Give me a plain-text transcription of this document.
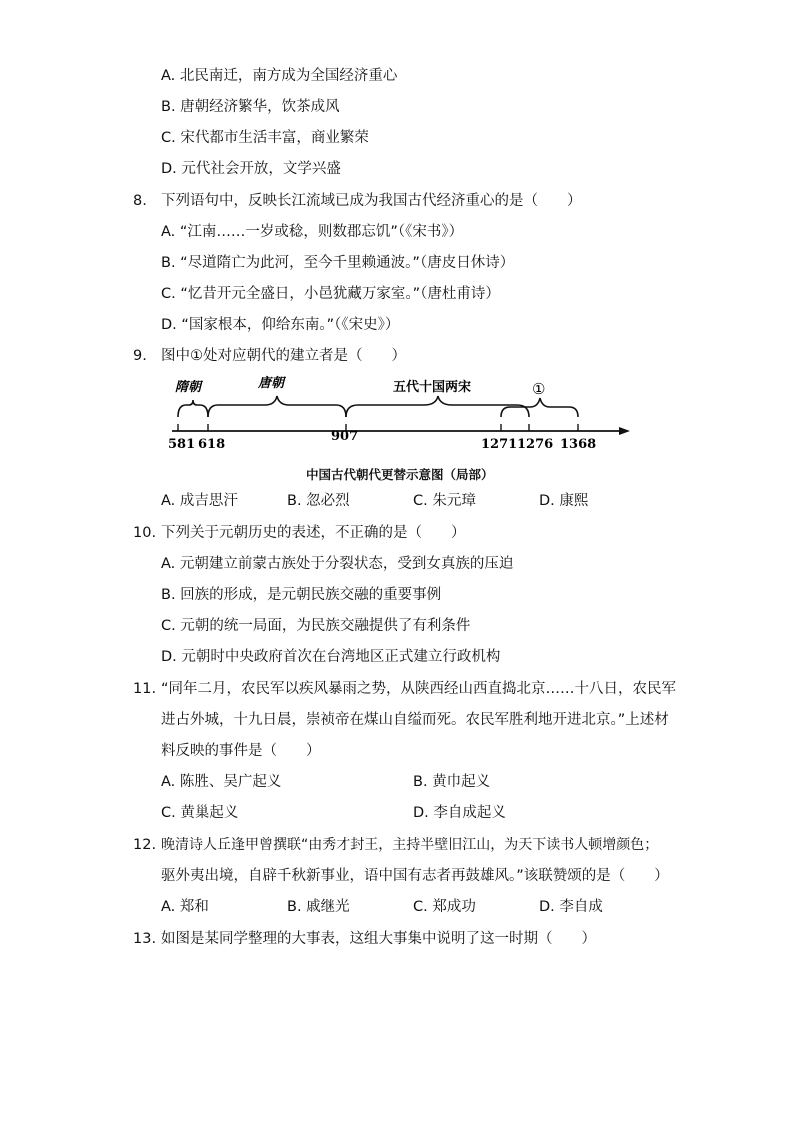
A. 北民南迁，南方成为全国经济重心
B. 唐朝经济繁华，饮茶成风
C. 宋代都市生活丰富，商业繁荣
D. 元代社会开放，文学兴盛
8. 下列语句中，反映长江流域已成为我国古代经济重心的是（　　）
A. “江南……一岁或稔，则数郡忘饥”（《宋书》）
B. “尽道隋亡为此河，至今千里赖通波。”（唐皮日休诗）
C. “忆昔开元全盛日，小邑犹藏万家室。”（唐杜甫诗）
D. “国家根本，仰给东南。”（《宋史》）
9. 图中①处对应朝代的建立者是（　　）
隋朝	唐朝	五代十国两宋	①
581 618
907
1271 1276 1368
中国古代朝代更替示意图（局部）
A. 成吉思汗	B. 忽必烈	C. 朱元璋	D. 康熙
10. 下列关于元朝历史的表述，不正确的是（　　）
A. 元朝建立前蒙古族处于分裂状态，受到女真族的压迫
B. 回族的形成，是元朝民族交融的重要事例
C. 元朝的统一局面，为民族交融提供了有利条件
D. 元朝时中央政府首次在台湾地区正式建立行政机构
11. “同年二月，农民军以疾风暴雨之势，从陕西经山西直捣北京……十八日，农民军
进占外城，十九日晨，崇祯帝在煤山自缢而死。农民军胜利地开进北京。”上述材
料反映的事件是（　　）
A. 陈胜、吴广起义	B. 黄巾起义
C. 黄巢起义	D. 李自成起义
12. 晚清诗人丘逢甲曾撰联“由秀才封王，主持半壁旧江山，为天下读书人顿增颜色；
驱外夷出境，自辟千秋新事业，语中国有志者再鼓雄风。”该联赞颂的是（　　）
A. 郑和	B. 戚继光	C. 郑成功	D. 李自成
13. 如图是某同学整理的大事表，这组大事集中说明了这一时期（　　）
